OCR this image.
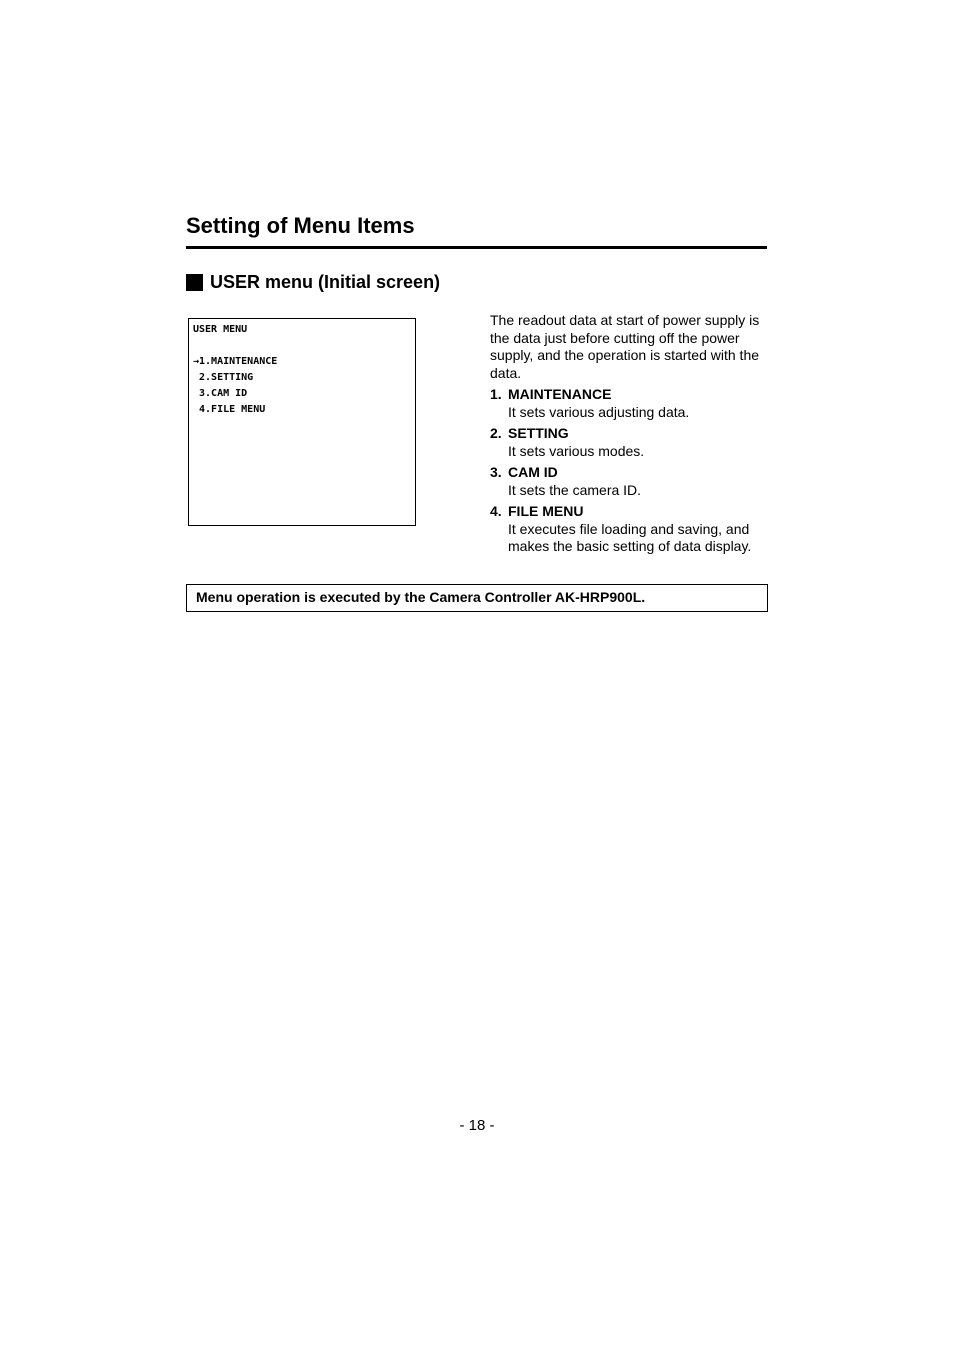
Setting of Menu Items
USER menu (Initial screen)
USER MENU
→1.MAINTENANCE
2.SETTING
3.CAM ID
4.FILE MENU

The readout data at start of power supply is the data just before cutting off the power supply, and the operation is started with the data.

1. MAINTENANCE
It sets various adjusting data.
2. SETTING
It sets various modes.
3. CAM ID
It sets the camera ID.
4. FILE MENU
It executes file loading and saving, and makes the basic setting of data display.
Menu operation is executed by the Camera Controller AK-HRP900L.
- 18 -
